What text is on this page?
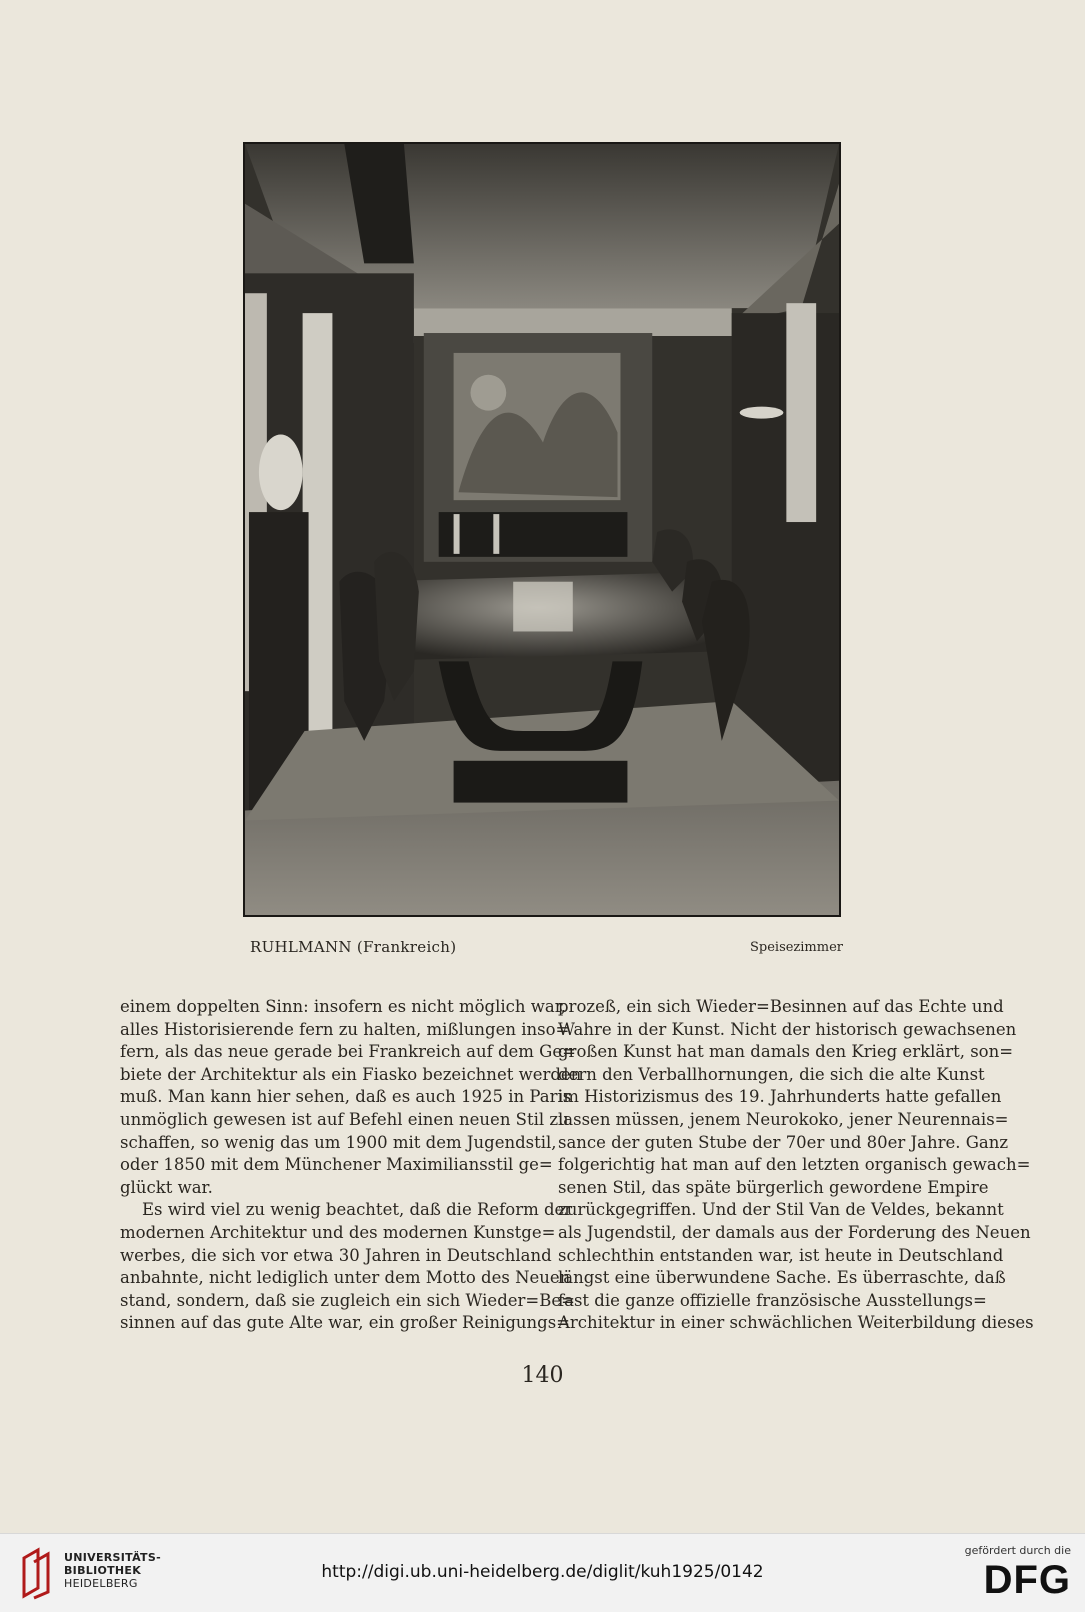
RUHLMANN (Frankreich)	Speisezimmer
einem doppelten Sinn: insofern es nicht möglich war,
alles Historisierende fern zu halten, mißlungen inso=
fern, als das neue gerade bei Frankreich auf dem Ge=
biete der Architektur als ein Fiasko bezeichnet werden
muß. Man kann hier sehen, daß es auch 1925 in Paris
unmöglich gewesen ist auf Befehl einen neuen Stil zu
schaffen, so wenig das um 1900 mit dem Jugendstil,
oder 1850 mit dem Münchener Maximiliansstil ge=
glückt war.
Es wird viel zu wenig beachtet, daß die Reform der
modernen Architektur und des modernen Kunstge=
werbes, die sich vor etwa 30 Jahren in Deutschland
anbahnte, nicht lediglich unter dem Motto des Neuen
stand, sondern, daß sie zugleich ein sich Wieder=Be=
sinnen auf das gute Alte war, ein großer Reinigungs=
prozeß, ein sich Wieder=Besinnen auf das Echte und
Wahre in der Kunst. Nicht der historisch gewachsenen
großen Kunst hat man damals den Krieg erklärt, son=
dern den Verballhornungen, die sich die alte Kunst
im Historizismus des 19. Jahrhunderts hatte gefallen
lassen müssen, jenem Neurokoko, jener Neurennais=
sance der guten Stube der 70er und 80er Jahre. Ganz
folgerichtig hat man auf den letzten organisch gewach=
senen Stil, das späte bürgerlich gewordene Empire
zurückgegriffen. Und der Stil Van de Veldes, bekannt
als Jugendstil, der damals aus der Forderung des Neuen
schlechthin entstanden war, ist heute in Deutschland
längst eine überwundene Sache. Es überraschte, daß
fast die ganze offizielle französische Ausstellungs=
Architektur in einer schwächlichen Weiterbildung dieses
140
UNIVERSITÄTS-
BIBLIOTHEK
HEIDELBERG
http://digi.ub.uni-heidelberg.de/diglit/kuh1925/0142
gefördert durch die
DFG
